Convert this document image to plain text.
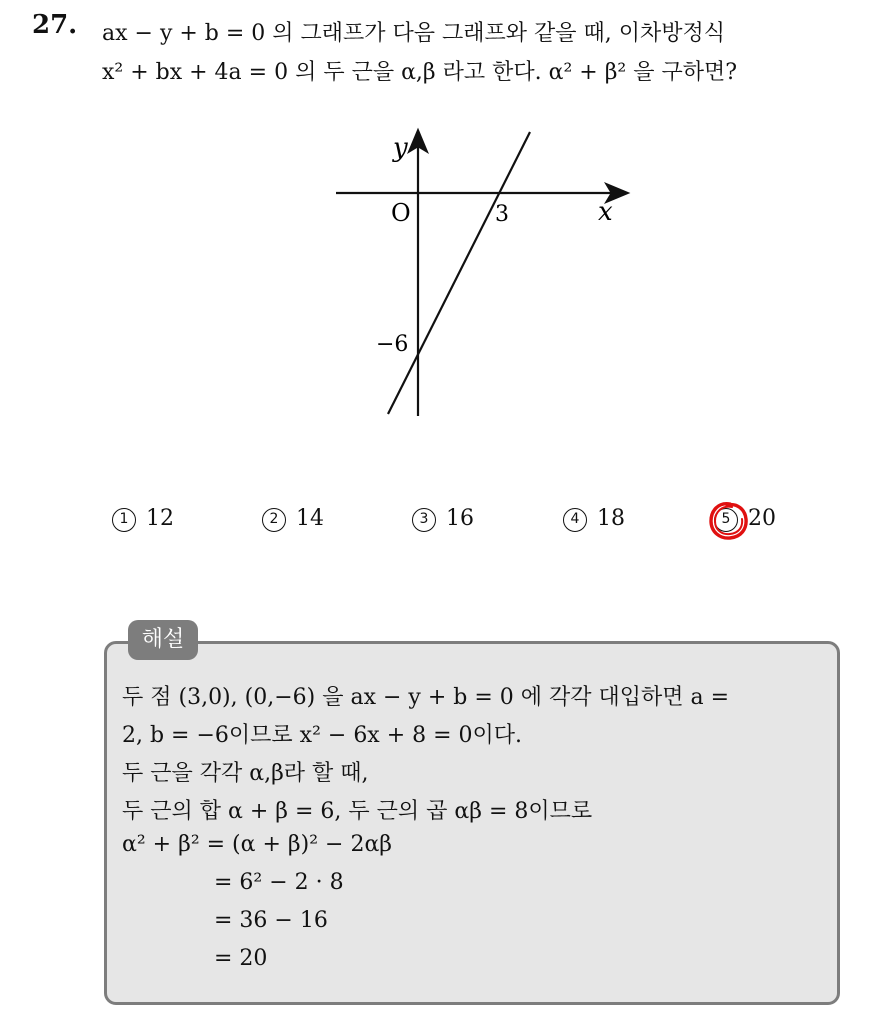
27. ax − y + b = 0 의 그래프가 다음 그래프와 같을 때, 이차방정식
x² + bx + 4a = 0 의 두 근을 α,β 라고 한다. α² + β² 을 구하면?
y
x
O	3
−6
1 12	2 14	3 16	4 18	5 20
해설
두 점 (3,0), (0,−6) 을 ax − y + b = 0 에 각각 대입하면 a =
2, b = −6이므로 x² − 6x + 8 = 0이다.
두 근을 각각 α,β라 할 때,
두 근의 합 α + β = 6, 두 근의 곱 αβ = 8이므로
α² + β² = (α + β)² − 2αβ
= 6² − 2 · 8
= 36 − 16
= 20
